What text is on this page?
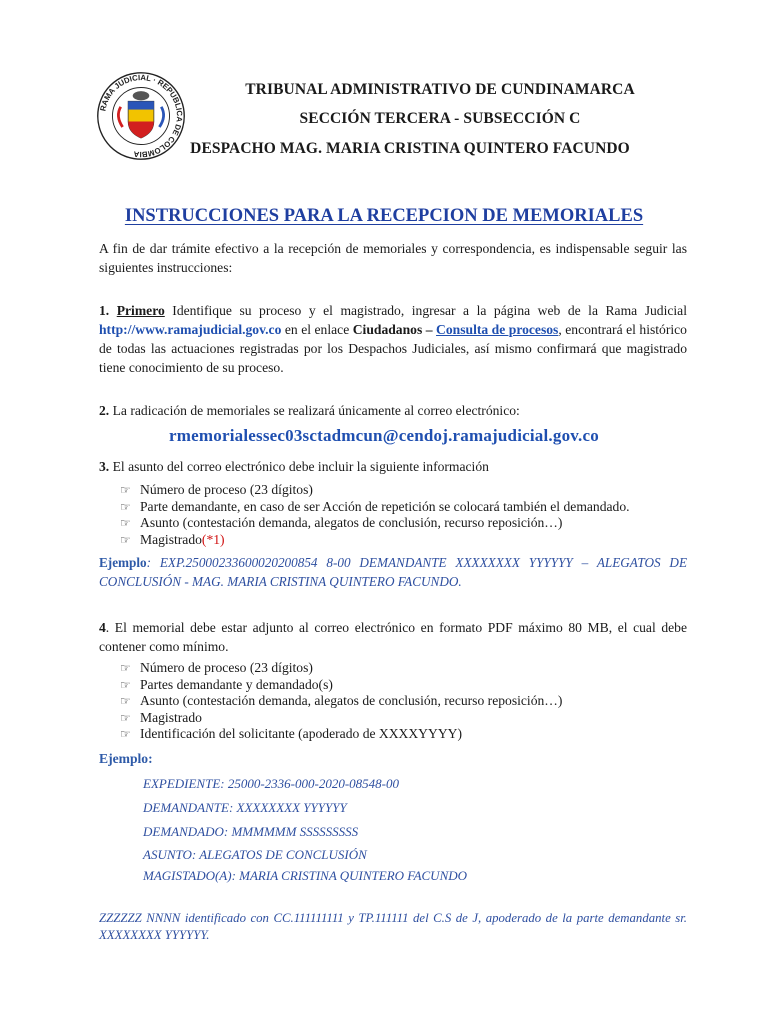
RAMA JUDICIAL · REPUBLICA DE COLOMBIA
TRIBUNAL ADMINISTRATIVO DE CUNDINAMARCA
SECCIÓN TERCERA - SUBSECCIÓN C
DESPACHO MAG. MARIA CRISTINA QUINTERO FACUNDO
INSTRUCCIONES PARA LA RECEPCION DE MEMORIALES
A fin de dar trámite efectivo a la recepción de memoriales y correspondencia, es indispensable seguir las siguientes instrucciones:
1. Primero Identifique su proceso y el magistrado, ingresar a la página web de la Rama Judicial http://www.ramajudicial.gov.co en el enlace Ciudadanos – Consulta de procesos, encontrará el histórico de todas las actuaciones registradas por los Despachos Judiciales, así mismo confirmará que magistrado tiene conocimiento de su proceso.
2. La radicación de memoriales se realizará únicamente al correo electrónico:
rmemorialessec03sctadmcun@cendoj.ramajudicial.gov.co
3. El asunto del correo electrónico debe incluir la siguiente información
☞ Número de proceso (23 dígitos)
☞ Parte demandante, en caso de ser Acción de repetición se colocará también el demandado.
☞ Asunto (contestación demanda, alegatos de conclusión, recurso reposición…)
☞ Magistrado(*1)
Ejemplo: EXP.25000233600020200854 8-00 DEMANDANTE XXXXXXXX YYYYYY – ALEGATOS DE CONCLUSIÓN - MAG. MARIA CRISTINA QUINTERO FACUNDO.
4. El memorial debe estar adjunto al correo electrónico en formato PDF máximo 80 MB, el cual debe contener como mínimo.
☞ Número de proceso (23 dígitos)
☞ Partes demandante y demandado(s)
☞ Asunto (contestación demanda, alegatos de conclusión, recurso reposición…)
☞ Magistrado
☞ Identificación del solicitante (apoderado de XXXXYYYY)
Ejemplo:
EXPEDIENTE: 25000-2336-000-2020-08548-00
DEMANDANTE: XXXXXXXX YYYYYY
DEMANDADO: MMMMMM SSSSSSSSS
ASUNTO: ALEGATOS DE CONCLUSIÓN
MAGISTADO(A): MARIA CRISTINA QUINTERO FACUNDO
ZZZZZZ NNNN identificado con CC.111111111 y TP.111111 del C.S de J, apoderado de la parte demandante sr. XXXXXXXX YYYYYY.
